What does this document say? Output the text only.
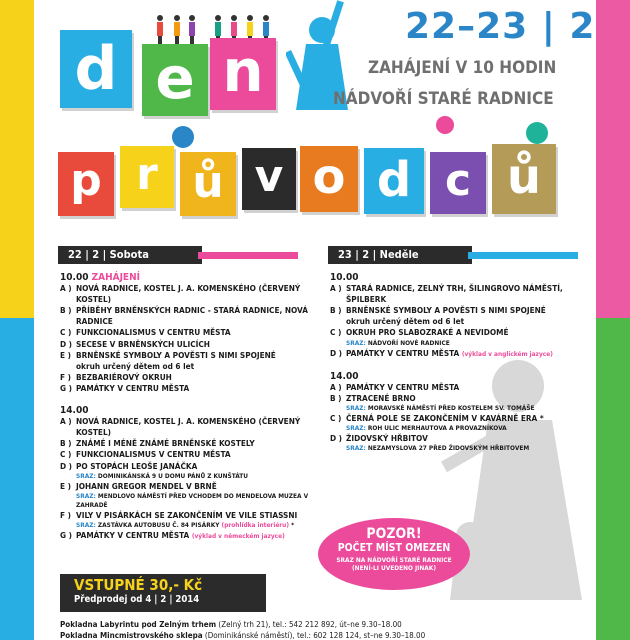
d e n
p r ů v o d c ů
22–23 | 2
ZAHÁJENÍ V 10 HODIN
NÁDVOŘÍ STARÉ RADNICE
22 | 2 | Sobota	23 | 2 | Neděle
10.00 ZAHÁJENÍ
A ) NOVÁ RADNICE, KOSTEL J. A. KOMENSKÉHO (ČERVENÝ KOSTEL)
B ) PŘÍBĚHY BRNĚNSKÝCH RADNIC - STARÁ RADNICE, NOVÁ RADNICE
C ) FUNKCIONALISMUS V CENTRU MĚSTA
D ) SECESE V BRNĚNSKÝCH ULICÍCH
E ) BRNĚNSKÉ SYMBOLY A POVĚSTI S NIMI SPOJENÉ
okruh určený dětem od 6 let
F ) BEZBARIÉROVÝ OKRUH
G ) PAMÁTKY V CENTRU MĚSTA
14.00
A ) NOVÁ RADNICE, KOSTEL J. A. KOMENSKÉHO (ČERVENÝ KOSTEL)
B ) ZNÁMÉ I MÉNĚ ZNÁMÉ BRNĚNSKÉ KOSTELY
C ) FUNKCIONALISMUS V CENTRU MĚSTA
D ) PO STOPÁCH LEOŠE JANÁČKA
SRAZ: DOMINIKÁNSKÁ 9 U DOMU PÁNŮ Z KUNŠTÁTU
E ) JOHANN GREGOR MENDEL V BRNĚ
SRAZ: MENDLOVO NÁMĚSTÍ PŘED VCHODEM DO MENDELOVA MUZEA V ZAHRADĚ
F ) VILY V PISÁRKÁCH SE ZAKONČENÍM VE VILE STIASSNI
SRAZ: ZASTÁVKA AUTOBUSU Č. 84 PISÁRKY (prohlídka interiéru) *
G ) PAMÁTKY V CENTRU MĚSTA (výklad v německém jazyce)
10.00
A ) STARÁ RADNICE, ZELNÝ TRH, ŠILINGROVO NÁMĚSTÍ, ŠPILBERK
B ) BRNĚNSKÉ SYMBOLY A POVĚSTI S NIMI SPOJENÉ
okruh určený dětem od 6 let
C ) OKRUH PRO SLABOZRAKÉ A NEVIDOMÉ
SRAZ: NÁDVOŘÍ NOVÉ RADNICE
D ) PAMÁTKY V CENTRU MĚSTA (výklad v anglickém jazyce)
14.00
A ) PAMÁTKY V CENTRU MĚSTA
B ) ZTRACENÉ BRNO
SRAZ: MORAVSKÉ NÁMĚSTÍ PŘED KOSTELEM SV. TOMÁŠE
C ) ČERNÁ POLE SE ZAKONČENÍM V KAVÁRNĚ ERA *
SRAZ: ROH ULIC MERHAUTOVA A PROVAZNÍKOVA
D ) ŽIDOVSKÝ HŘBITOV
SRAZ: NEZAMYSLOVA 27 PŘED ŽIDOVSKÝM HŘBITOVEM
POZOR!
POČET MÍST OMEZEN
SRAZ NA NÁDVOŘÍ STARÉ RADNICE
(NENÍ-LI UVEDENO JINAK)
VSTUPNÉ 30,- Kč
Předprodej od 4 | 2 | 2014
Pokladna Labyrintu pod Zelným trhem (Zelný trh 21), tel.: 542 212 892, út–ne 9.30–18.00
Pokladna Mincmistrovského sklepa (Dominikánské náměstí), tel.: 602 128 124, st–ne 9.30–18.00
